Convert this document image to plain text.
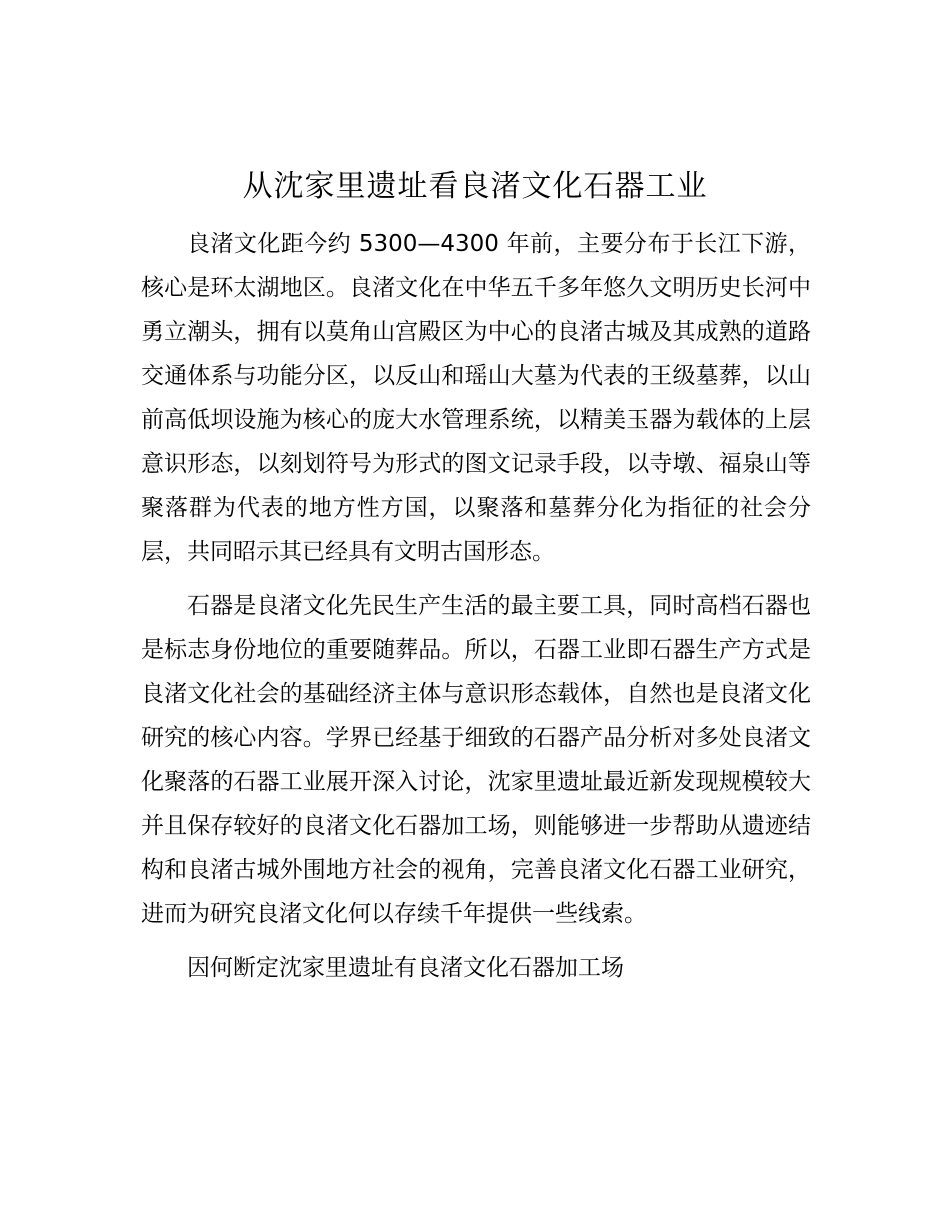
从沈家里遗址看良渚文化石器工业

良渚文化距今约 5300—4300 年前，主要分布于长江下游，核心是环太湖地区。良渚文化在中华五千多年悠久文明历史长河中勇立潮头，拥有以莫角山宫殿区为中心的良渚古城及其成熟的道路交通体系与功能分区，以反山和瑶山大墓为代表的王级墓葬，以山前高低坝设施为核心的庞大水管理系统，以精美玉器为载体的上层意识形态，以刻划符号为形式的图文记录手段，以寺墩、福泉山等聚落群为代表的地方性方国，以聚落和墓葬分化为指征的社会分层，共同昭示其已经具有文明古国形态。

石器是良渚文化先民生产生活的最主要工具，同时高档石器也是标志身份地位的重要随葬品。所以，石器工业即石器生产方式是良渚文化社会的基础经济主体与意识形态载体，自然也是良渚文化研究的核心内容。学界已经基于细致的石器产品分析对多处良渚文化聚落的石器工业展开深入讨论，沈家里遗址最近新发现规模较大并且保存较好的良渚文化石器加工场，则能够进一步帮助从遗迹结构和良渚古城外围地方社会的视角，完善良渚文化石器工业研究，进而为研究良渚文化何以存续千年提供一些线索。

因何断定沈家里遗址有良渚文化石器加工场
